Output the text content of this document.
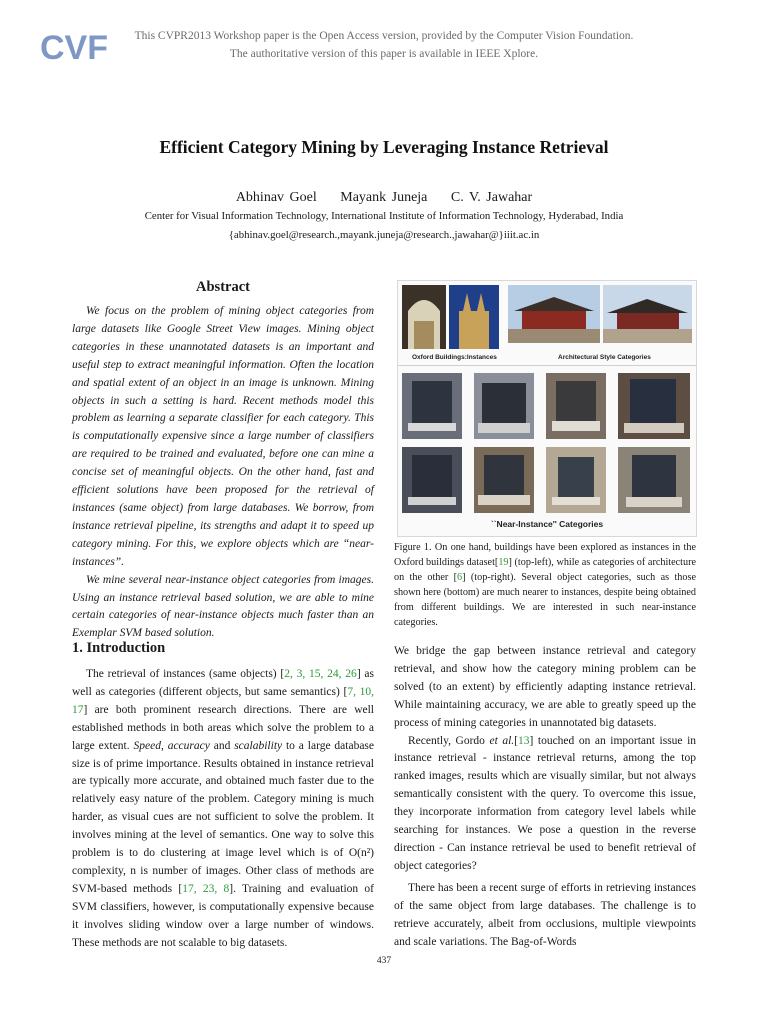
CVF	This CVPR2013 Workshop paper is the Open Access version, provided by the Computer Vision Foundation.
The authoritative version of this paper is available in IEEE Xplore.
Efficient Category Mining by Leveraging Instance Retrieval
Abhinav Goel Mayank Juneja C. V. Jawahar
Center for Visual Information Technology, International Institute of Information Technology, Hyderabad, India
{abhinav.goel@research.,mayank.juneja@research.,jawahar@}iiit.ac.in
Abstract

We focus on the problem of mining object categories from large datasets like Google Street View images. Mining object categories in these unannotated datasets is an important and useful step to extract meaningful information. Often the location and spatial extent of an object in an image is unknown. Mining objects in such a setting is hard. Recent methods model this problem as learning a separate classifier for each category. This is computationally expensive since a large number of classifiers are required to be trained and evaluated, before one can mine a concise set of meaningful objects. On the other hand, fast and efficient solutions have been proposed for the retrieval of instances (same object) from large databases. We borrow, from instance retrieval pipeline, its strengths and adapt it to speed up category mining. For this, we explore objects which are “near-instances”.

We mine several near-instance object categories from images. Using an instance retrieval based solution, we are able to mine certain categories of near-instance objects much faster than an Exemplar SVM based solution.

1. Introduction

The retrieval of instances (same objects) [2, 3, 15, 24, 26] as well as categories (different objects, but same semantics) [7, 10, 17] are both prominent research directions. There are well established methods in both areas which solve the problem to a large extent. Speed, accuracy and scalability to a large database size is of prime importance. Results obtained in instance retrieval are typically more accurate, and obtained much faster due to the relatively easy nature of the problem. Category mining is much harder, as visual cues are not sufficient to solve the problem. It involves mining at the level of semantics. One way to solve this problem is to do clustering at image level which is of O(n²) complexity, n is number of images. Other class of methods are SVM-based methods [17, 23, 8]. Training and evaluation of SVM classifiers, however, is computationally expensive because it involves sliding window over a large number of windows. These methods are not scalable to big datasets.

Oxford Buildings:Instances	Architectural Style Categories
``Near-Instance'' Categories

Figure 1. On one hand, buildings have been explored as instances in the Oxford buildings dataset[19] (top-left), while as categories of architecture on the other [6] (top-right). Several object categories, such as those shown here (bottom) are much nearer to instances, despite being obtained from different buildings. We are interested in such near-instance categories.

We bridge the gap between instance retrieval and category retrieval, and show how the category mining problem can be solved (to an extent) by efficiently adapting instance retrieval. While maintaining accuracy, we are able to greatly speed up the process of mining categories in unannotated big datasets.

Recently, Gordo et al.[13] touched on an important issue in instance retrieval - instance retrieval returns, among the top ranked images, results which are visually similar, but not always semantically consistent with the query. To overcome this issue, they incorporate information from category level labels while searching for instances. We pose a question in the reverse direction - Can instance retrieval be used to benefit retrieval of object categories?

There has been a recent surge of efforts in retrieving instances of the same object from large databases. The challenge is to retrieve accurately, albeit from occlusions, multiple viewpoints and scale variations. The Bag-of-Words

437
